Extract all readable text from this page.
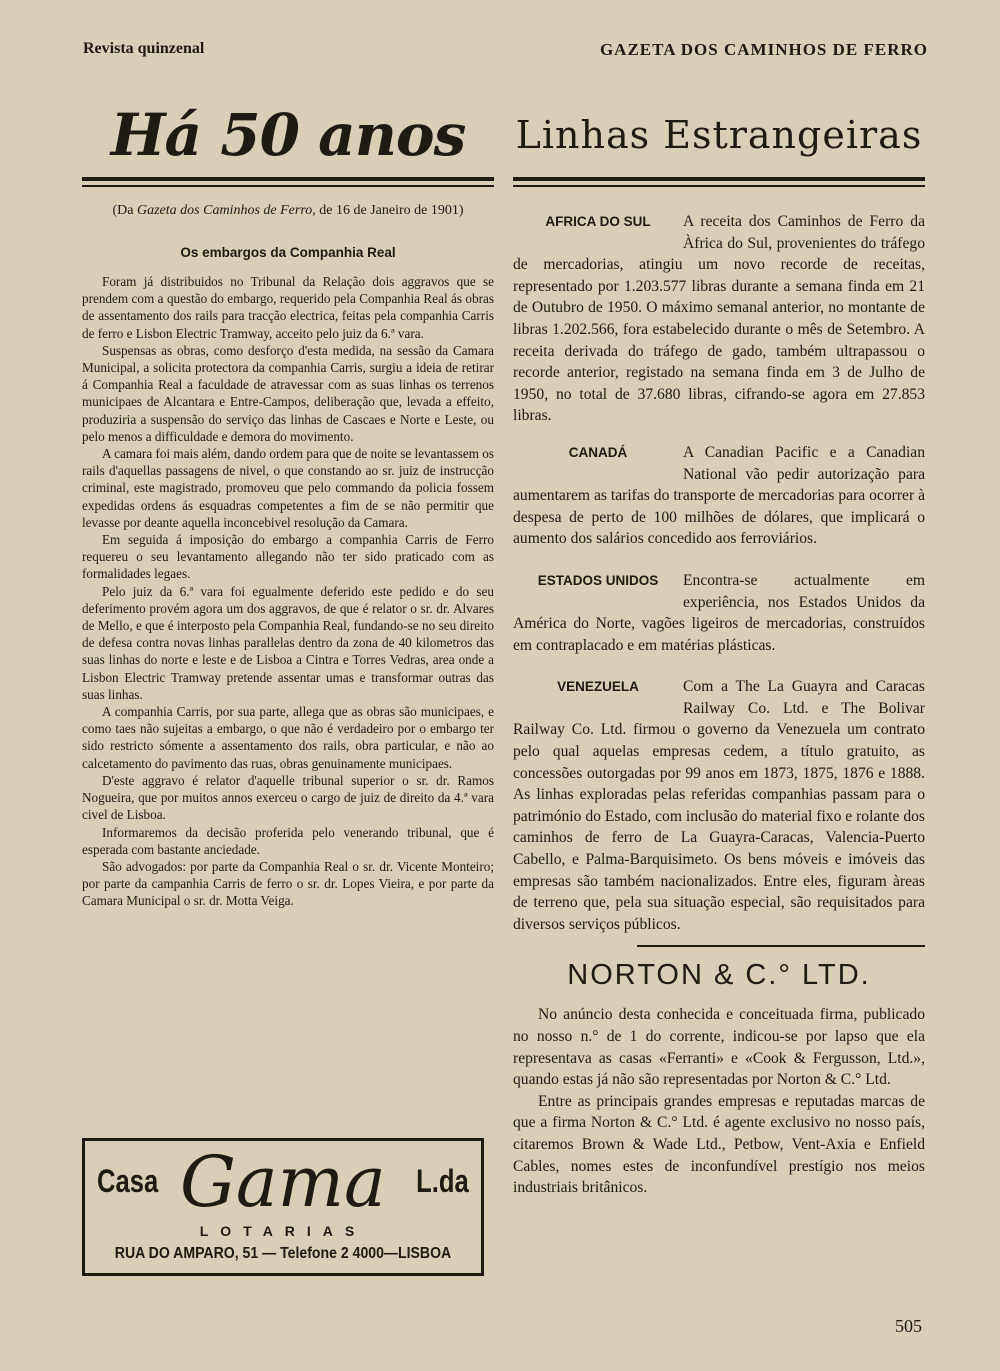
Revista quinzenal	GAZETA DOS CAMINHOS DE FERRO
Há 50 anos
(Da Gazeta dos Caminhos de Ferro, de 16 de Janeiro de 1901)
Os embargos da Companhia Real

Foram já distribuidos no Tribunal da Relação dois aggravos que se prendem com a questão do embargo, requerido pela Companhia Real ás obras de assentamento dos rails para tracção electrica, feitas pela companhia Carris de ferro e Lisbon Electric Tramway, acceito pelo juiz da 6.ª vara.

Suspensas as obras, como desforço d'esta medida, na sessão da Camara Municipal, a solicita protectora da companhia Carris, surgiu a ideia de retirar á Companhia Real a faculdade de atravessar com as suas linhas os terrenos municipaes de Alcantara e Entre-Campos, deliberação que, levada a effeito, produziria a suspensão do serviço das linhas de Cascaes e Norte e Leste, ou pelo menos a difficuldade e demora do movimento.

A camara foi mais além, dando ordem para que de noite se levantassem os rails d'aquellas passagens de nivel, o que constando ao sr. juiz de instrucção criminal, este magistrado, promoveu que pelo commando da policia fossem expedidas ordens ás esquadras competentes a fim de se não permitir que levasse por deante aquella inconcebivel resolução da Camara.

Em seguida á imposição do embargo a companhia Carris de Ferro requereu o seu levantamento allegando não ter sido praticado com as formalidades legaes.

Pelo juiz da 6.ª vara foi egualmente deferido este pedido e do seu deferimento provém agora um dos aggravos, de que é relator o sr. dr. Alvares de Mello, e que é interposto pela Companhia Real, fundando-se no seu direito de defesa contra novas linhas parallelas dentro da zona de 40 kilometros das suas linhas do norte e leste e de Lisboa a Cintra e Torres Vedras, area onde a Lisbon Electric Tramway pretende assentar umas e transformar outras das suas linhas.

A companhia Carris, por sua parte, allega que as obras são municipaes, e como taes não sujeitas a embargo, o que não é verdadeiro por o embargo ter sido restricto sómente a assentamento dos rails, obra particular, e não ao calcetamento do pavimento das ruas, obras genuinamente municipaes.

D'este aggravo é relator d'aquelle tribunal superior o sr. dr. Ramos Nogueira, que por muitos annos exerceu o cargo de juiz de direito da 4.ª vara civel de Lisboa.

Informaremos da decisão proferida pelo venerando tribunal, que é esperada com bastante anciedade.

São advogados: por parte da Companhia Real o sr. dr. Vicente Monteiro; por parte da campanhia Carris de ferro o sr. dr. Lopes Vieira, e por parte da Camara Municipal o sr. dr. Motta Veiga.

Casa Gama L.da
LOTARIAS
RUA DO AMPARO, 51 — Telefone 2 4000—LISBOA
Linhas Estrangeiras
AFRICA DO SUL	A receita dos Caminhos de Ferro da Àfrica do Sul, provenientes do tráfego de mercadorias, atingiu um novo recorde de receitas, representado por 1.203.577 libras durante a semana finda em 21 de Outubro de 1950. O máximo semanal anterior, no montante de libras 1.202.566, fora estabelecido durante o mês de Setembro. A receita derivada do tráfego de gado, também ultrapassou o recorde anterior, registado na semana finda em 3 de Julho de 1950, no total de 37.680 libras, cifrando-se agora em 27.853 libras.

CANADÁ	A Canadian Pacific e a Canadian National vão pedir autorização para aumentarem as tarifas do transporte de mercadorias para ocorrer à despesa de perto de 100 milhões de dólares, que implicará o aumento dos salários concedido aos ferroviários.

ESTADOS UNIDOS	Encontra-se actualmente em experiência, nos Estados Unidos da América do Norte, vagões ligeiros de mercadorias, construídos em contraplacado e em matérias plásticas.

VENEZUELA	Com a The La Guayra and Caracas Railway Co. Ltd. e The Bolivar Railway Co. Ltd. firmou o governo da Venezuela um contrato pelo qual aquelas empresas cedem, a título gratuito, as concessões outorgadas por 99 anos em 1873, 1875, 1876 e 1888. As linhas exploradas pelas referidas companhias passam para o património do Estado, com inclusão do material fixo e rolante dos caminhos de ferro de La Guayra-Caracas, Valencia-Puerto Cabello, e Palma-Barquisimeto. Os bens móveis e imóveis das empresas são também nacionalizados. Entre eles, figuram àreas de terreno que, pela sua situação especial, são requisitados para diversos serviços públicos.

NORTON & C.° LTD.

No anúncio desta conhecida e conceituada firma, publicado no nosso n.° de 1 do corrente, indicou-se por lapso que ela representava as casas «Ferranti» e «Cook & Fergusson, Ltd.», quando estas já não são representadas por Norton & C.° Ltd.

Entre as principais grandes empresas e reputadas marcas de que a firma Norton & C.° Ltd. é agente exclusivo no nosso país, citaremos Brown & Wade Ltd., Petbow, Vent-Axia e Enfield Cables, nomes estes de inconfundível prestígio nos meios industriais britânicos.

505
